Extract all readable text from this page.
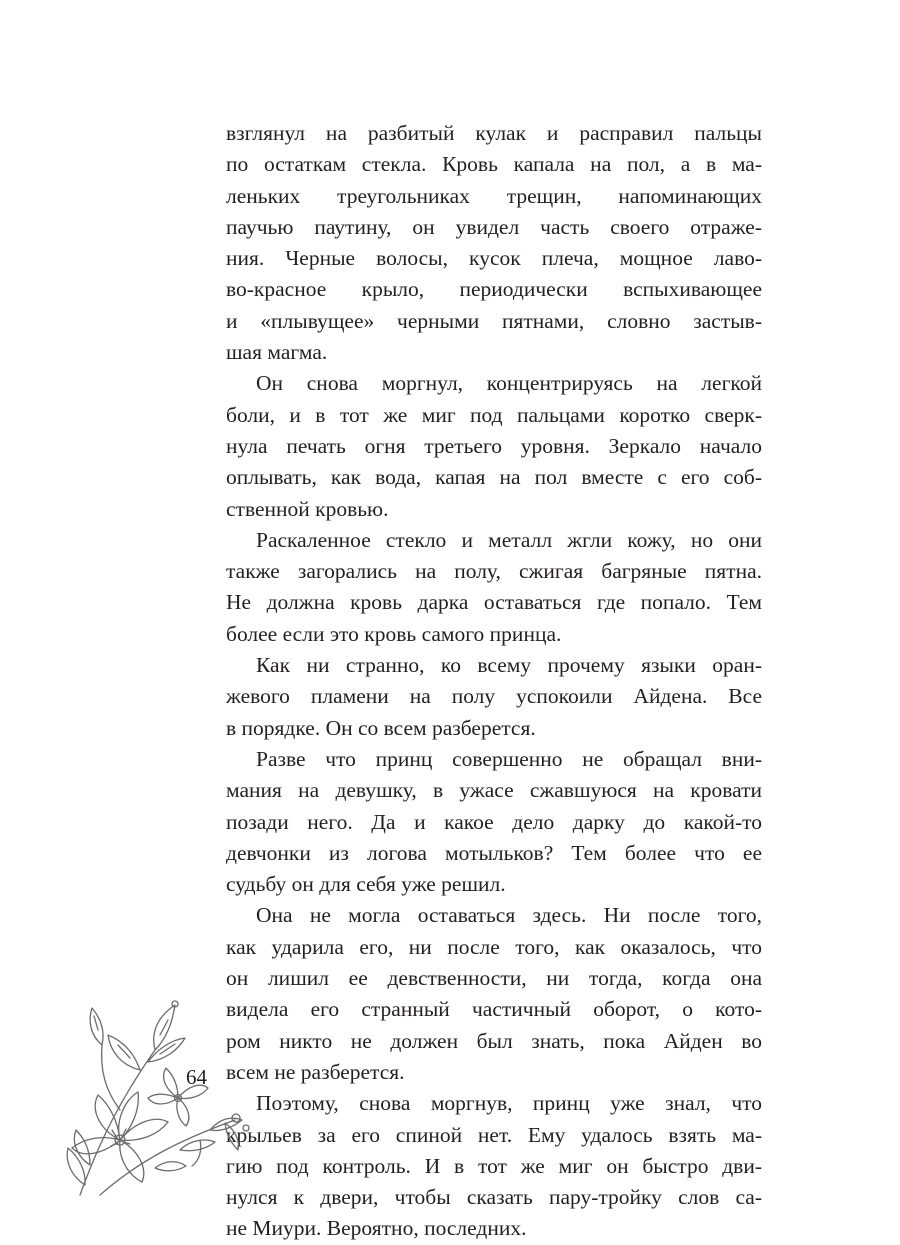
взглянул на разбитый кулак и расправил пальцы
по остаткам стекла. Кровь капала на пол, а в ма-
леньких треугольниках трещин, напоминающих
паучью паутину, он увидел часть своего отраже-
ния. Черные волосы, кусок плеча, мощное лаво-
во-красное крыло, периодически вспыхивающее
и «плывущее» черными пятнами, словно застыв-
шая магма.
Он снова моргнул, концентрируясь на легкой
боли, и в тот же миг под пальцами коротко сверк-
нула печать огня третьего уровня. Зеркало начало
оплывать, как вода, капая на пол вместе с его соб-
ственной кровью.
Раскаленное стекло и металл жгли кожу, но они
также загорались на полу, сжигая багряные пятна.
Не должна кровь дарка оставаться где попало. Тем
более если это кровь самого принца.
Как ни странно, ко всему прочему языки оран-
жевого пламени на полу успокоили Айдена. Все
в порядке. Он со всем разберется.
Разве что принц совершенно не обращал вни-
мания на девушку, в ужасе сжавшуюся на кровати
позади него. Да и какое дело дарку до какой-то
девчонки из логова мотыльков? Тем более что ее
судьбу он для себя уже решил.
Она не могла оставаться здесь. Ни после того,
как ударила его, ни после того, как оказалось, что
он лишил ее девственности, ни тогда, когда она
видела его странный частичный оборот, о кото-
ром никто не должен был знать, пока Айден во
всем не разберется.
Поэтому, снова моргнув, принц уже знал, что
крыльев за его спиной нет. Ему удалось взять ма-
гию под контроль. И в тот же миг он быстро дви-
нулся к двери, чтобы сказать пару-тройку слов са-
не Миури. Вероятно, последних.
64
